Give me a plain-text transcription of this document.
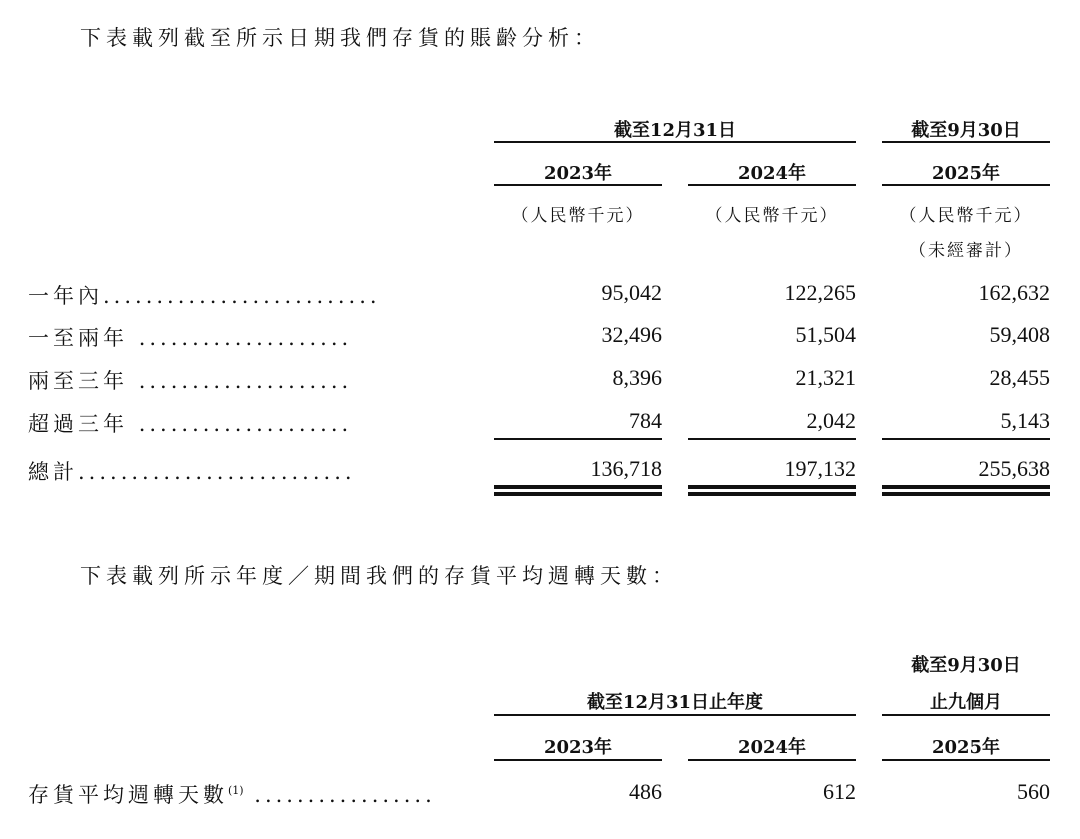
下表載列截至所示日期我們存貨的賬齡分析：
截至12月31日	截至9月30日
2023年	2024年	2025年
（人民幣千元）	（人民幣千元）	（人民幣千元）
（未經審計）
一年內..........................	95,042	122,265	162,632
一至兩年 ....................	32,496	51,504	59,408
兩至三年 ....................	8,396	21,321	28,455
超過三年 ....................	784	2,042	5,143
總計..........................	136,718	197,132	255,638
下表載列所示年度／期間我們的存貨平均週轉天數：
截至9月30日
截至12月31日止年度	止九個月
2023年	2024年	2025年
存貨平均週轉天數$^{(1)}$ .................	486	612	560
